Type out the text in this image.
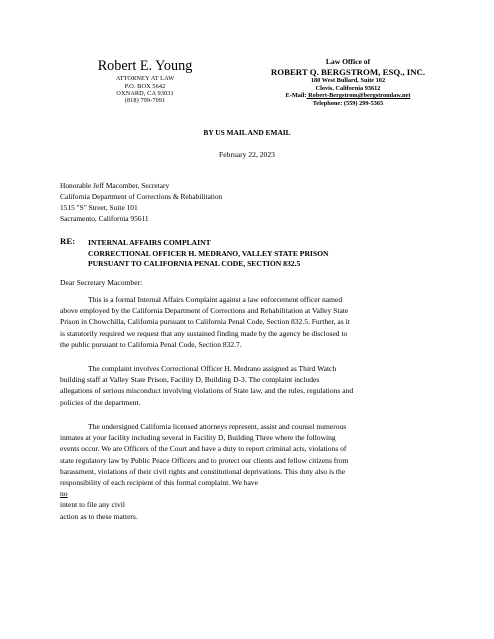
Robert E. Young
ATTORNEY AT LAW
P.O. BOX 5642
OXNARD, CA 93031
(818) 799-7091
Law Office of
ROBERT Q. BERGSTROM, ESQ., INC.
180 West Bullard, Suite 102
Clovis, California 93612
E-Mail: Robert-Bergstrom@bergstromlaw.net
Telephone: (559) 299-5365
BY US MAIL AND EMAIL
February 22, 2023
Honorable Jeff Macomber, Secretary
California Department of Corrections & Rehabilitation
1515 "S" Street, Suite 101
Sacramento, California 95611
RE: INTERNAL AFFAIRS COMPLAINT
CORRECTIONAL OFFICER H. MEDRANO, VALLEY STATE PRISON
PURSUANT TO CALIFORNIA PENAL CODE, SECTION 832.5
Dear Secretary Macomber:
This is a formal Internal Affairs Complaint against a law enforcement officer named
above employed by the California Department of Corrections and Rehabilitation at Valley State
Prison in Chowchilla, California pursuant to California Penal Code, Section 832.5. Further, as it
is statutorily required we request that any sustained finding made by the agency be disclosed to
the public pursuant to California Penal Code, Section 832.7.
The complaint involves Correctional Officer H. Medrano assigned as Third Watch
building staff at Valley State Prison, Facility D, Building D-3. The complaint includes
allegations of serious misconduct involving violations of State law, and the rules, regulations and
policies of the department.
The undersigned California licensed attorneys represent, assist and counsel numerous
inmates at your facility including several in Facility D, Building Three where the following
events occur. We are Officers of the Court and have a duty to report criminal acts, violations of
state regulatory law by Public Peace Officers and to protect our clients and fellow citizens from
harassment, violations of their civil rights and constitutional deprivations. This duty also is the
responsibility of each recipient of this formal complaint. We have
no
intent to file any civil
action as to these matters.
